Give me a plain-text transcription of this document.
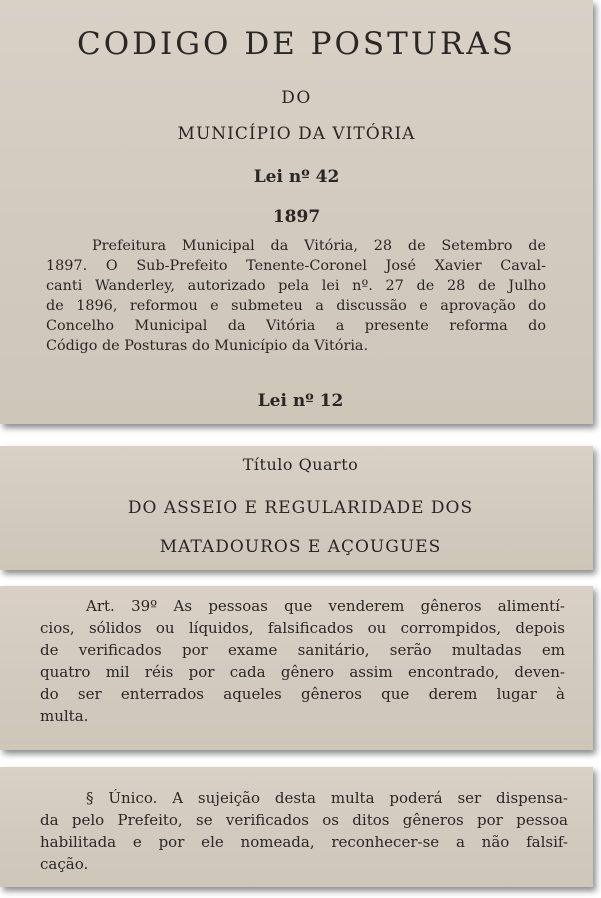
CODIGO DE POSTURAS
DO
MUNICÍPIO DA VITÓRIA
Lei nº 42
1897
Prefeitura Municipal da Vitória, 28 de Setembro de
1897. O Sub-Prefeito Tenente-Coronel José Xavier Caval-
canti Wanderley, autorizado pela lei nº. 27 de 28 de Julho
de 1896, reformou e submeteu a discussão e aprovação do
Concelho Municipal da Vitória a presente reforma do
Código de Posturas do Município da Vitória.
Lei nº 12
Título Quarto
DO ASSEIO E REGULARIDADE DOS
MATADOUROS E AÇOUGUES
Art. 39º As pessoas que venderem gêneros alimentí-
cios, sólidos ou líquidos, falsificados ou corrompidos, depois
de verificados por exame sanitário, serão multadas em
quatro mil réis por cada gênero assim encontrado, deven-
do ser enterrados aqueles gêneros que derem lugar à
multa.
§ Único. A sujeição desta multa poderá ser dispensa-
da pelo Prefeito, se verificados os ditos gêneros por pessoa
habilitada e por ele nomeada, reconhecer-se a não falsif-
cação.
